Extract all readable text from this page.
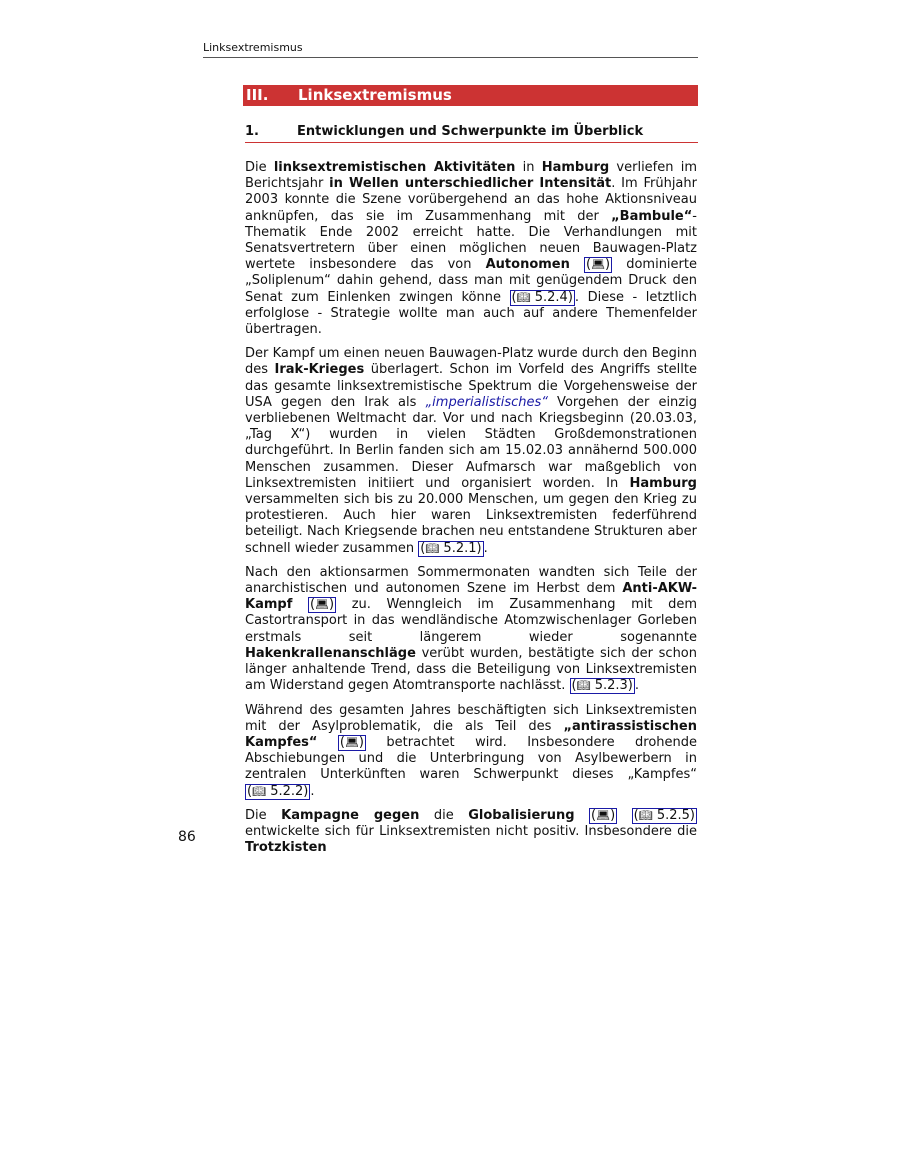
Linksextremismus
III. Linksextremismus
1.	Entwicklungen und Schwerpunkte im Überblick

Die linksextremistischen Aktivitäten in Hamburg verliefen im Berichtsjahr in Wellen unterschiedlicher Intensität. Im Frühjahr 2003 konnte die Szene vorübergehend an das hohe Aktionsniveau anknüpfen, das sie im Zusammenhang mit der „Bambule“-Thematik Ende 2002 erreicht hatte. Die Verhandlungen mit Senatsvertretern über einen möglichen neuen Bauwagen-Platz wertete insbesondere das von Autonomen (💻︎) dominierte „Soliplenum“ dahin gehend, dass man mit genügendem Druck den Senat zum Einlenken zwingen könne (📖︎ 5.2.4) . Diese - letztlich erfolglose - Strategie wollte man auch auf andere Themenfelder übertragen.

Der Kampf um einen neuen Bauwagen-Platz wurde durch den Beginn des Irak-Krieges überlagert. Schon im Vorfeld des Angriffs stellte das gesamte linksextremistische Spektrum die Vorgehensweise der USA gegen den Irak als „imperialistisches“ Vorgehen der einzig verbliebenen Weltmacht dar. Vor und nach Kriegsbeginn (20.03.03, „Tag X“) wurden in vielen Städten Großdemonstrationen durchgeführt. In Berlin fanden sich am 15.02.03 annähernd 500.000 Menschen zusammen. Dieser Aufmarsch war maßgeblich von Linksextremisten initiiert und organisiert worden. In Hamburg versammelten sich bis zu 20.000 Menschen, um gegen den Krieg zu protestieren. Auch hier waren Linksextremisten federführend beteiligt. Nach Kriegsende brachen neu entstandene Strukturen aber schnell wieder zusammen (📖︎ 5.2.1) .

Nach den aktionsarmen Sommermonaten wandten sich Teile der anarchistischen und autonomen Szene im Herbst dem Anti-AKW-Kampf (💻︎) zu. Wenngleich im Zusammenhang mit dem Castortransport in das wendländische Atomzwischenlager Gorleben erstmals seit längerem wieder sogenannte Hakenkrallenanschläge verübt wurden, bestätigte sich der schon länger anhaltende Trend, dass die Beteiligung von Linksextremisten am Widerstand gegen Atomtransporte nachlässt. (📖︎ 5.2.3) .

Während des gesamten Jahres beschäftigten sich Linksextremisten mit der Asylproblematik, die als Teil des „antirassistischen Kampfes“ (💻︎) betrachtet wird. Insbesondere drohende Abschiebungen und die Unterbringung von Asylbewerbern in zentralen Unterkünften waren Schwerpunkt dieses „Kampfes“ (📖︎ 5.2.2) .

Die Kampagne gegen die Globalisierung (💻︎) (📖︎ 5.2.5) entwickelte sich für Linksextremisten nicht positiv. Insbesondere die Trotzkisten

86
